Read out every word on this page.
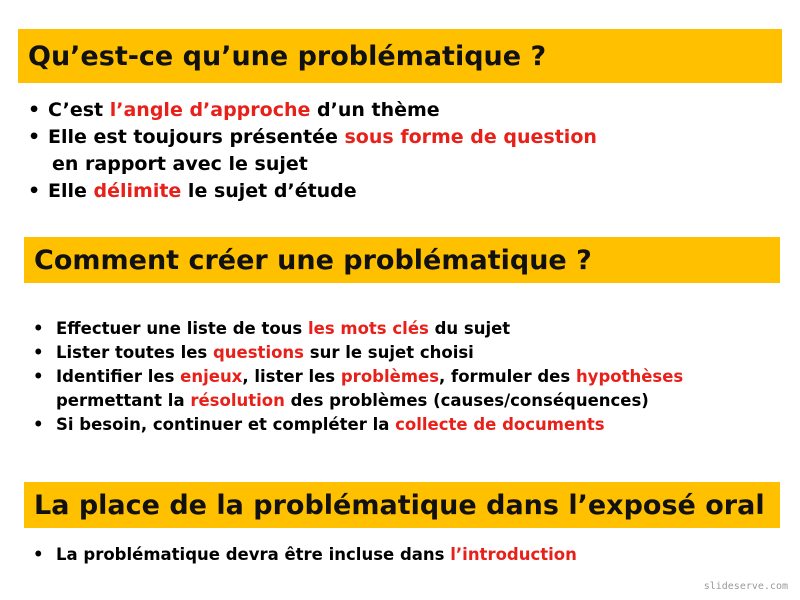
Qu’est-ce qu’une problématique ?
• C’est l’angle d’approche d’un thème
• Elle est toujours présentée sous forme de question
en rapport avec le sujet
• Elle délimite le sujet d’étude
Comment créer une problématique ?
• Effectuer une liste de tous les mots clés du sujet
• Lister toutes les questions sur le sujet choisi
• Identifier les enjeux, lister les problèmes, formuler des hypothèses
permettant la résolution des problèmes (causes/conséquences)
• Si besoin, continuer et compléter la collecte de documents
La place de la problématique dans l’exposé oral
• La problématique devra être incluse dans l’introduction
slideserve.com
